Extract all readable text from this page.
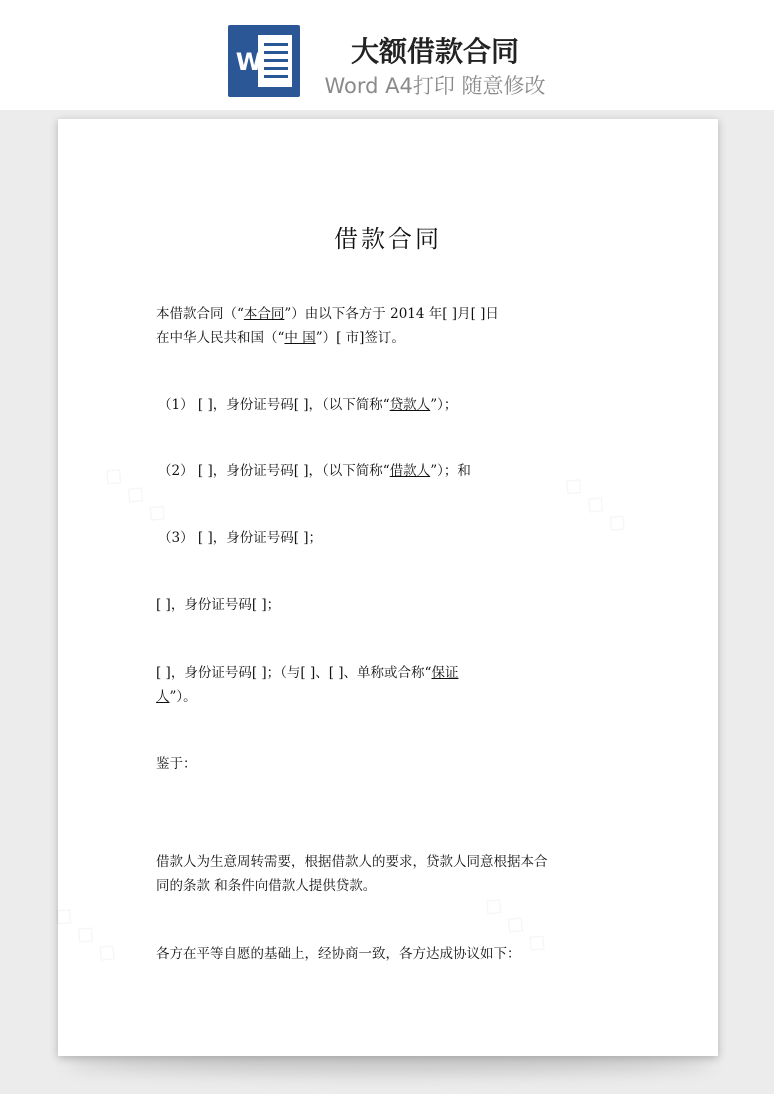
W	大额借款合同
Word A4打印 随意修改
借款合同
本借款合同（“本合同”）由以下各方于 2014 年[ ]月[ ]日
在中华人民共和国（“中 国”）[ 市]签订。
（1） [ ]，身份证号码[ ]，（以下简称“贷款人”）；
（2） [ ]，身份证号码[ ]，（以下简称“借款人”）；和
（3） [ ]，身份证号码[ ]；
[ ]，身份证号码[ ]；
[ ]，身份证号码[ ]；（与[ ]、[ ]、单称或合称“保证
人”）。
鉴于：
借款人为生意周转需要，根据借款人的要求，贷款人同意根据本合
同的条款 和条件向借款人提供贷款。
各方在平等自愿的基础上，经协商一致，各方达成协议如下：
